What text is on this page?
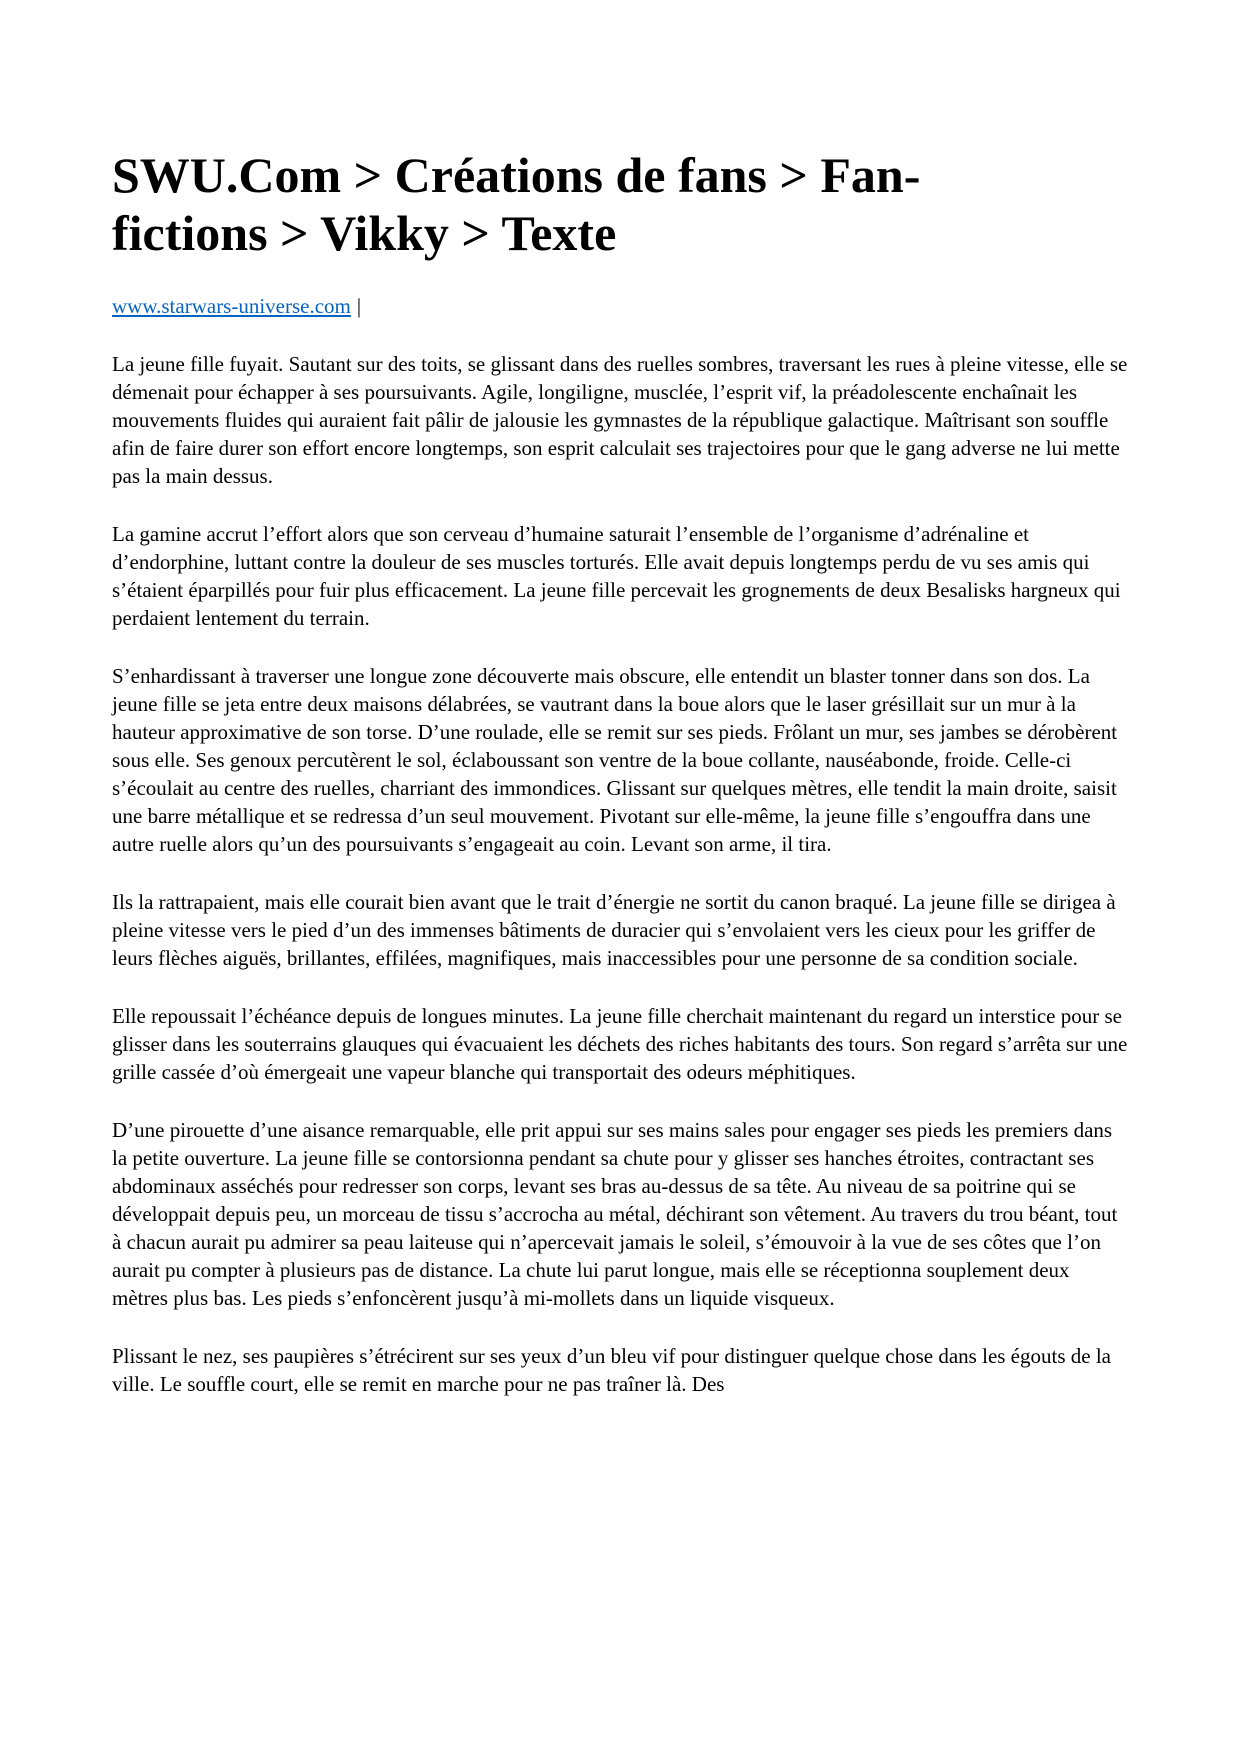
SWU.Com > Créations de fans > Fan-
fictions > Vikky > Texte
www.starwars-universe.com |

La jeune fille fuyait. Sautant sur des toits, se glissant dans des ruelles sombres, traversant les rues à pleine vitesse, elle se démenait pour échapper à ses poursuivants. Agile, longiligne, musclée, l’esprit vif, la préadolescente enchaînait les mouvements fluides qui auraient fait pâlir de jalousie les gymnastes de la république galactique. Maîtrisant son souffle afin de faire durer son effort encore longtemps, son esprit calculait ses trajectoires pour que le gang adverse ne lui mette pas la main dessus.

La gamine accrut l’effort alors que son cerveau d’humaine saturait l’ensemble de l’organisme d’adrénaline et d’endorphine, luttant contre la douleur de ses muscles torturés. Elle avait depuis longtemps perdu de vu ses amis qui s’étaient éparpillés pour fuir plus efficacement. La jeune fille percevait les grognements de deux Besalisks hargneux qui perdaient lentement du terrain.

S’enhardissant à traverser une longue zone découverte mais obscure, elle entendit un blaster tonner dans son dos. La jeune fille se jeta entre deux maisons délabrées, se vautrant dans la boue alors que le laser grésillait sur un mur à la hauteur approximative de son torse. D’une roulade, elle se remit sur ses pieds. Frôlant un mur, ses jambes se dérobèrent sous elle. Ses genoux percutèrent le sol, éclaboussant son ventre de la boue collante, nauséabonde, froide. Celle-ci s’écoulait au centre des ruelles, charriant des immondices. Glissant sur quelques mètres, elle tendit la main droite, saisit une barre métallique et se redressa d’un seul mouvement. Pivotant sur elle-même, la jeune fille s’engouffra dans une autre ruelle alors qu’un des poursuivants s’engageait au coin. Levant son arme, il tira.

Ils la rattrapaient, mais elle courait bien avant que le trait d’énergie ne sortit du canon braqué. La jeune fille se dirigea à pleine vitesse vers le pied d’un des immenses bâtiments de duracier qui s’envolaient vers les cieux pour les griffer de leurs flèches aiguës, brillantes, effilées, magnifiques, mais inaccessibles pour une personne de sa condition sociale.

Elle repoussait l’échéance depuis de longues minutes. La jeune fille cherchait maintenant du regard un interstice pour se glisser dans les souterrains glauques qui évacuaient les déchets des riches habitants des tours. Son regard s’arrêta sur une grille cassée d’où émergeait une vapeur blanche qui transportait des odeurs méphitiques.

D’une pirouette d’une aisance remarquable, elle prit appui sur ses mains sales pour engager ses pieds les premiers dans la petite ouverture. La jeune fille se contorsionna pendant sa chute pour y glisser ses hanches étroites, contractant ses abdominaux asséchés pour redresser son corps, levant ses bras au-dessus de sa tête. Au niveau de sa poitrine qui se développait depuis peu, un morceau de tissu s’accrocha au métal, déchirant son vêtement. Au travers du trou béant, tout à chacun aurait pu admirer sa peau laiteuse qui n’apercevait jamais le soleil, s’émouvoir à la vue de ses côtes que l’on aurait pu compter à plusieurs pas de distance. La chute lui parut longue, mais elle se réceptionna souplement deux mètres plus bas. Les pieds s’enfoncèrent jusqu’à mi-mollets dans un liquide visqueux.

Plissant le nez, ses paupières s’étrécirent sur ses yeux d’un bleu vif pour distinguer quelque chose dans les égouts de la ville. Le souffle court, elle se remit en marche pour ne pas traîner là. Des
